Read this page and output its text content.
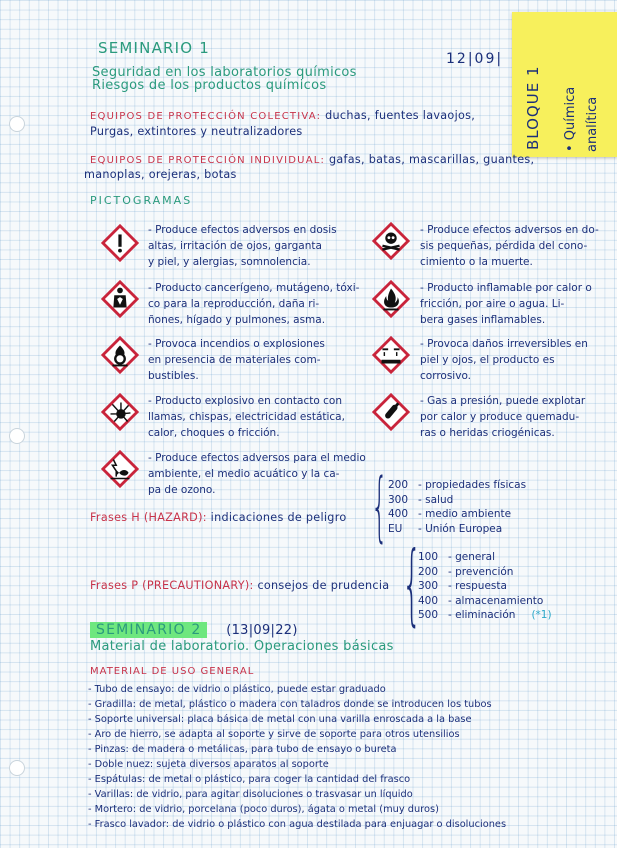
SEMINARIO 1
12|09|
Seguridad en los laboratorios químicos
Riesgos de los productos químicos	BLOQUE 1 • Química analítica
EQUIPOS DE PROTECCIÓN COLECTIVA: duchas, fuentes lavaojos,
Purgas, extintores y neutralizadores
EQUIPOS DE PROTECCIÓN INDIVIDUAL: gafas, batas, mascarillas, guantes,
manoplas, orejeras, botas
PICTOGRAMAS
- Produce efectos adversos en dosis
altas, irritación de ojos, garganta
y piel, y alergias, somnolencia.
- Produce efectos adversos en do-
sis pequeñas, pérdida del cono-
cimiento o la muerte.
- Producto cancerígeno, mutágeno, tóxi-
co para la reproducción, daña ri-
ñones, hígado y pulmones, asma.
- Producto inflamable por calor o
fricción, por aire o agua. Li-
bera gases inflamables.
- Provoca incendios o explosiones
en presencia de materiales com-
bustibles.
- Provoca daños irreversibles en
piel y ojos, el producto es
corrosivo.
- Producto explosivo en contacto con
llamas, chispas, electricidad estática,
calor, choques o fricción.
- Gas a presión, puede explotar
por calor y produce quemadu-
ras o heridas criogénicas.
- Produce efectos adversos para el medio
ambiente, el medio acuático y la ca-
pa de ozono.
Frases H (HAZARD): indicaciones de peligro { 200 - propiedades físicas
300 - salud
400 - medio ambiente
EU	- Unión Europea
Frases P (PRECAUTIONARY): consejos de prudencia {
100 - general
200 - prevención
300 - respuesta
400 - almacenamiento
500 - eliminación (*1)
SEMINARIO 2 (13|09|22)
Material de laboratorio. Operaciones básicas
MATERIAL DE USO GENERAL
- Tubo de ensayo: de vidrio o plástico, puede estar graduado
- Gradilla: de metal, plástico o madera con taladros donde se introducen los tubos
- Soporte universal: placa básica de metal con una varilla enroscada a la base
- Aro de hierro, se adapta al soporte y sirve de soporte para otros utensilios
- Pinzas: de madera o metálicas, para tubo de ensayo o bureta
- Doble nuez: sujeta diversos aparatos al soporte
- Espátulas: de metal o plástico, para coger la cantidad del frasco
- Varillas: de vidrio, para agitar disoluciones o trasvasar un líquido
- Mortero: de vidrio, porcelana (poco duros), ágata o metal (muy duros)
- Frasco lavador: de vidrio o plástico con agua destilada para enjuagar o disoluciones
